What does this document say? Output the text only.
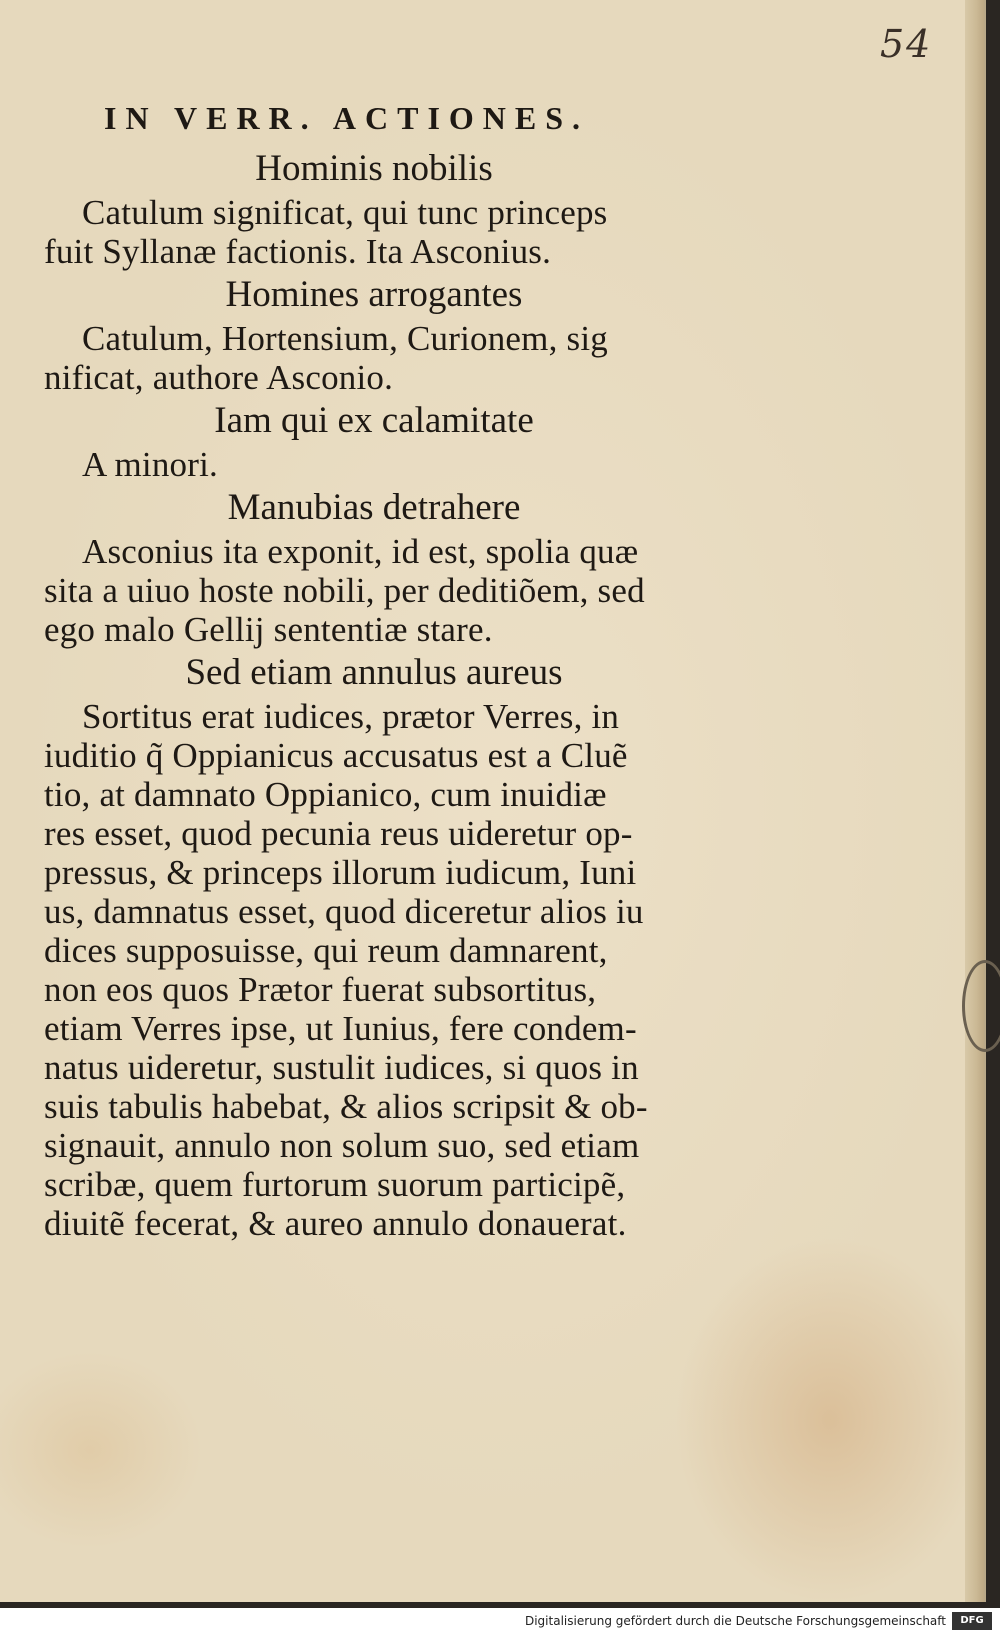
54
IN VERR. ACTIONES.

Hominis nobilis

Catulum significat, qui tunc princeps

fuit Syllanæ factionis. Ita Asconius.

Homines arrogantes

Catulum, Hortensium, Curionem, sig

nificat, authore Asconio.

Iam qui ex calamitate

A minori.

Manubias detrahere

Asconius ita exponit, id est, spolia quæ

sita a uiuo hoste nobili, per deditiõem, sed

ego malo Gellij sententiæ stare.

Sed etiam annulus aureus

Sortitus erat iudices, prætor Verres, in

iuditio q̃ Oppianicus accusatus est a Cluẽ

tio, at damnato Oppianico, cum inuidiæ

res esset, quod pecunia reus uideretur op-

pressus, & princeps illorum iudicum, Iuni

us, damnatus esset, quod diceretur alios iu

dices supposuisse, qui reum damnarent,

non eos quos Prætor fuerat subsortitus,

etiam Verres ipse, ut Iunius, fere condem-

natus uideretur, sustulit iudices, si quos in

suis tabulis habebat, & alios scripsit & ob-

signauit, annulo non solum suo, sed etiam

scribæ, quem furtorum suorum participẽ,

diuitẽ fecerat, & aureo annulo donauerat.

Digitalisierung gefördert durch die Deutsche Forschungsgemeinschaft	DFG
